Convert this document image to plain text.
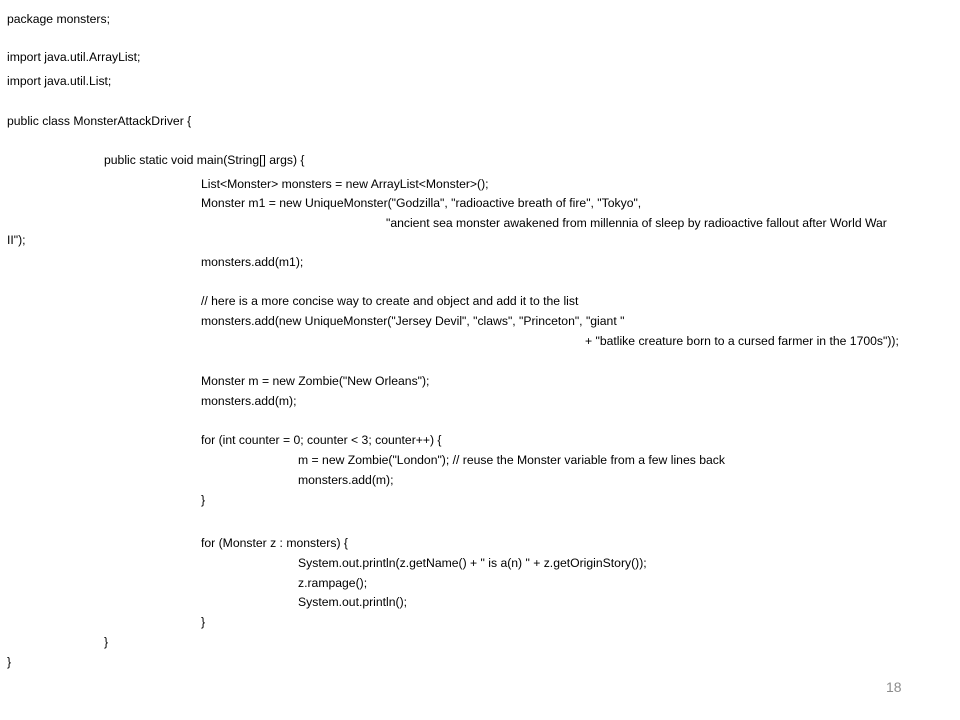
package monsters;
import java.util.ArrayList;
import java.util.List;
public class MonsterAttackDriver {
public static void main(String[] args) {
List<Monster> monsters = new ArrayList<Monster>();
Monster m1 = new UniqueMonster("Godzilla", "radioactive breath of fire", "Tokyo",
"ancient sea monster awakened from millennia of sleep by radioactive fallout after World War
II");
monsters.add(m1);
// here is a more concise way to create and object and add it to the list
monsters.add(new UniqueMonster("Jersey Devil", "claws", "Princeton", "giant "
+ "batlike creature born to a cursed farmer in the 1700s"));
Monster m = new Zombie("New Orleans");
monsters.add(m);
for (int counter = 0; counter < 3; counter++) {
m = new Zombie("London"); // reuse the Monster variable from a few lines back
monsters.add(m);
}
for (Monster z : monsters) {
System.out.println(z.getName() + " is a(n) " + z.getOriginStory());
z.rampage();
System.out.println();
}
}
}
18
